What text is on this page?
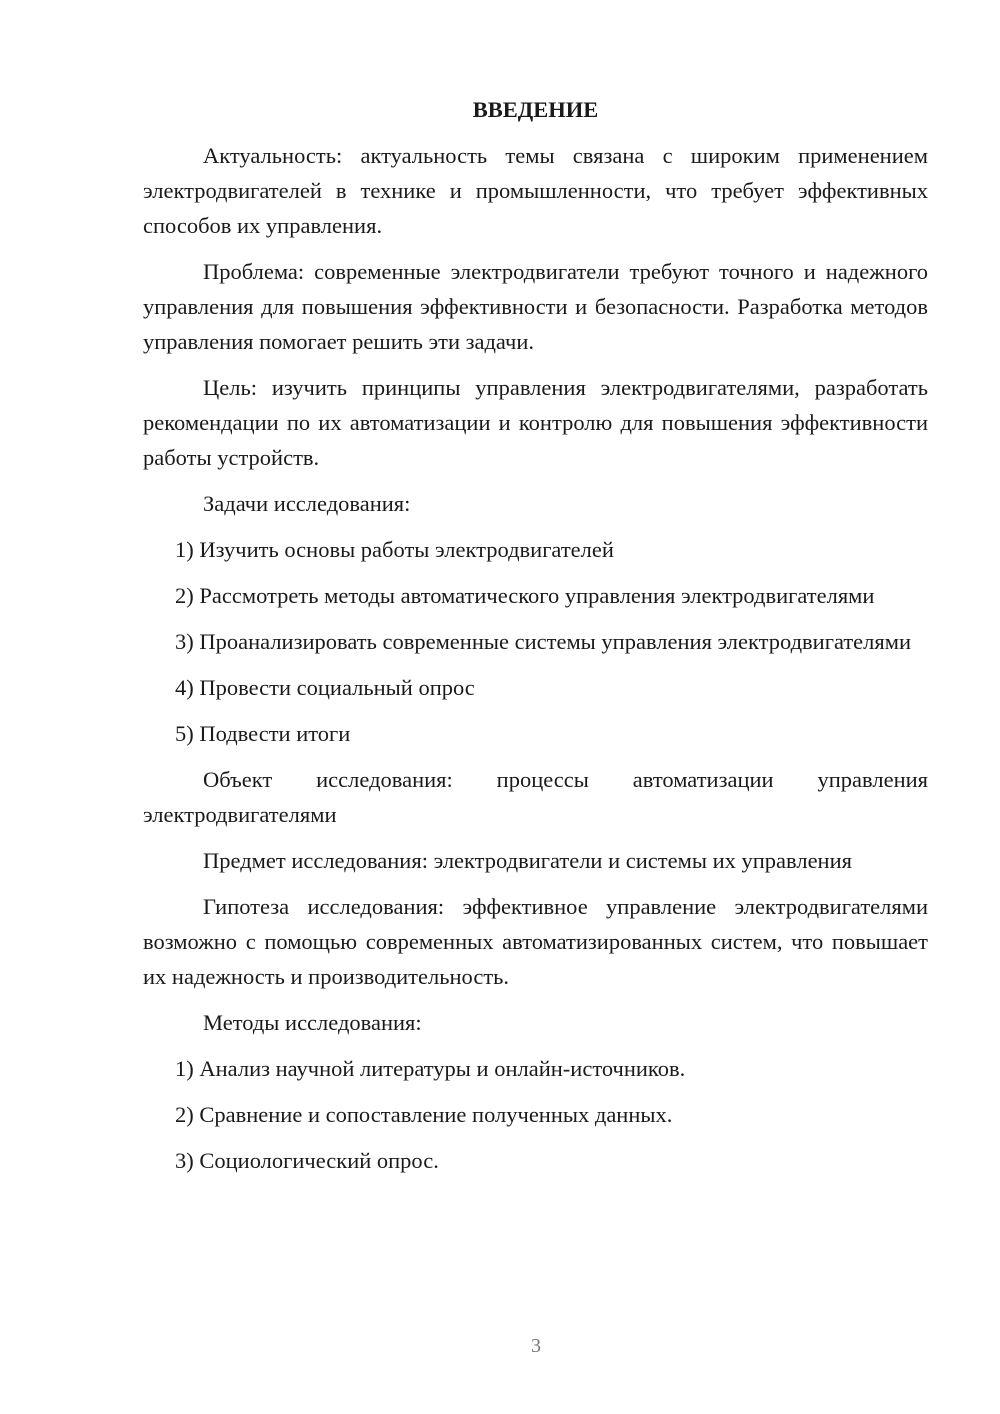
ВВЕДЕНИЕ

Актуальность: актуальность темы связана с широким применением электродвигателей в технике и промышленности, что требует эффективных способов их управления.

Проблема: современные электродвигатели требуют точного и надежного управления для повышения эффективности и безопасности. Разработка методов управления помогает решить эти задачи.

Цель: изучить принципы управления электродвигателями, разработать рекомендации по их автоматизации и контролю для повышения эффективности работы устройств.

Задачи исследования:

1) Изучить основы работы электродвигателей

2) Рассмотреть методы автоматического управления электродвигателями

3) Проанализировать современные системы управления электродвигателями

4) Провести социальный опрос

5) Подвести итоги

Объект исследования: процессы автоматизации управления электродвигателями

Предмет исследования: электродвигатели и системы их управления

Гипотеза исследования: эффективное управление электродвигателями возможно с помощью современных автоматизированных систем, что повышает их надежность и производительность.

Методы исследования:

1) Анализ научной литературы и онлайн-источников.

2) Сравнение и сопоставление полученных данных.

3) Социологический опрос.

3
